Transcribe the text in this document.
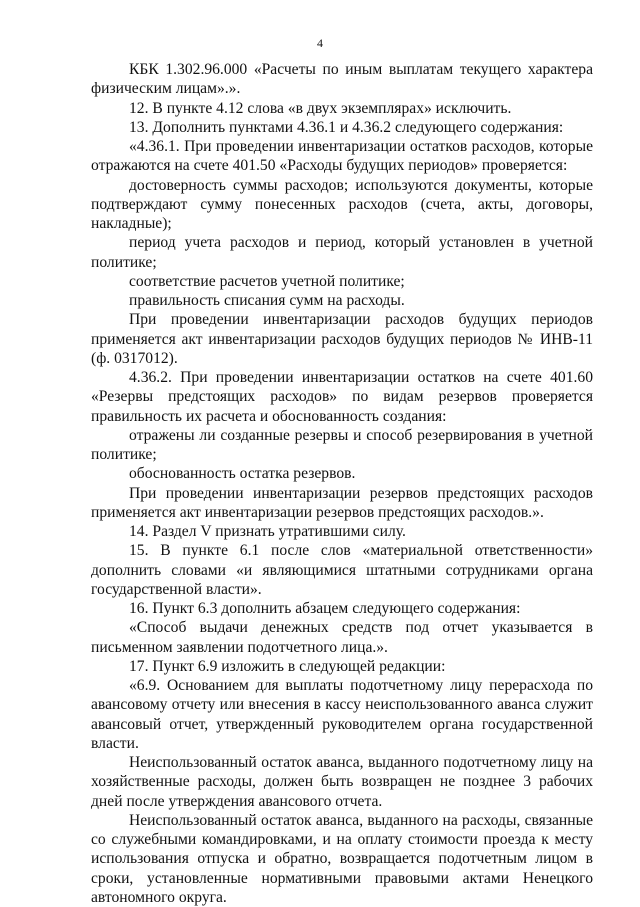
4

КБК 1.302.96.000 «Расчеты по иным выплатам текущего характера физическим лицам».».

12. В пункте 4.12 слова «в двух экземплярах» исключить.

13. Дополнить пунктами 4.36.1 и 4.36.2 следующего содержания:

«4.36.1. При проведении инвентаризации остатков расходов, которые отражаются на счете 401.50 «Расходы будущих периодов» проверяется:

достоверность суммы расходов; используются документы, которые подтверждают сумму понесенных расходов (счета, акты, договоры, накладные);

период учета расходов и период, который установлен в учетной политике;

соответствие расчетов учетной политике;

правильность списания сумм на расходы.

При проведении инвентаризации расходов будущих периодов применяется акт инвентаризации расходов будущих периодов № ИНВ-11 (ф. 0317012).

4.36.2. При проведении инвентаризации остатков на счете 401.60 «Резервы предстоящих расходов» по видам резервов проверяется правильность их расчета и обоснованность создания:

отражены ли созданные резервы и способ резервирования в учетной политике;

обоснованность остатка резервов.

При проведении инвентаризации резервов предстоящих расходов применяется акт инвентаризации резервов предстоящих расходов.».

14. Раздел V признать утратившими силу.

15. В пункте 6.1 после слов «материальной ответственности» дополнить словами «и являющимися штатными сотрудниками органа государственной власти».

16. Пункт 6.3 дополнить абзацем следующего содержания:

«Способ выдачи денежных средств под отчет указывается в письменном заявлении подотчетного лица.».

17. Пункт 6.9 изложить в следующей редакции:

«6.9. Основанием для выплаты подотчетному лицу перерасхода по авансовому отчету или внесения в кассу неиспользованного аванса служит авансовый отчет, утвержденный руководителем органа государственной власти.

Неиспользованный остаток аванса, выданного подотчетному лицу на хозяйственные расходы, должен быть возвращен не позднее 3 рабочих дней после утверждения авансового отчета.

Неиспользованный остаток аванса, выданного на расходы, связанные со служебными командировками, и на оплату стоимости проезда к месту использования отпуска и обратно, возвращается подотчетным лицом в сроки, установленные нормативными правовыми актами Ненецкого автономного округа.
